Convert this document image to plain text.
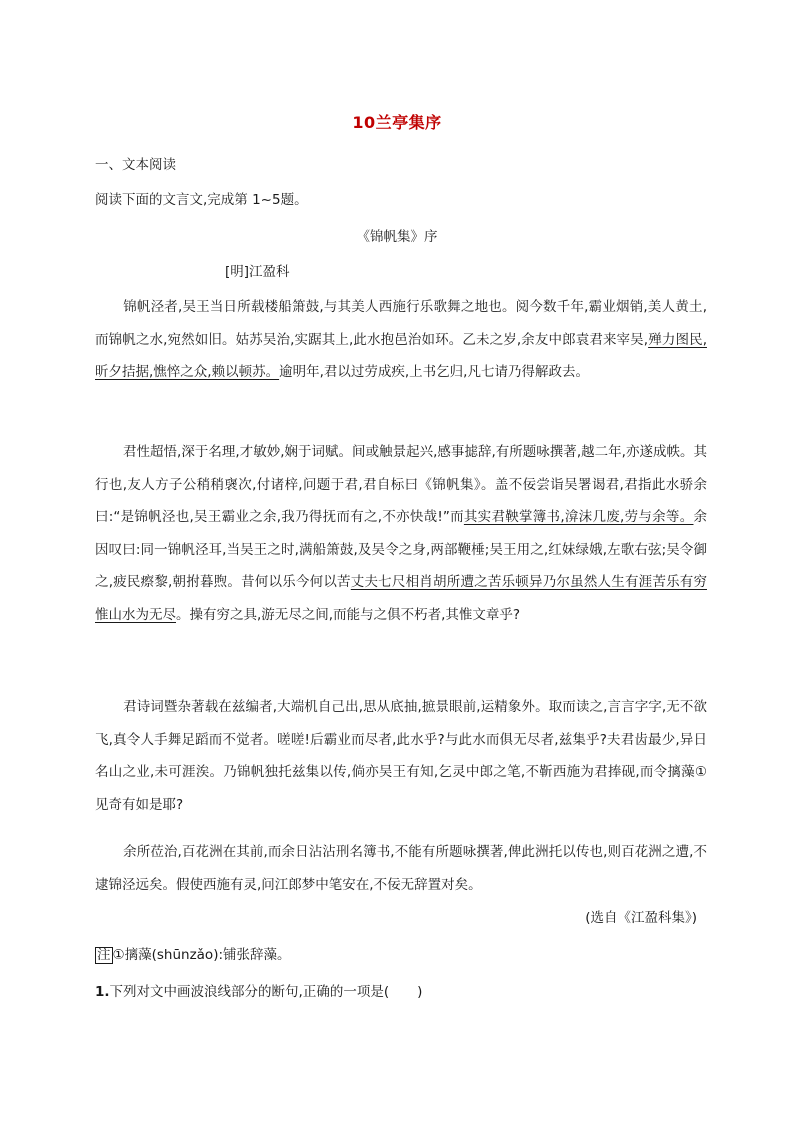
10兰亭集序
一、文本阅读
阅读下面的文言文,完成第 1~5题。
《锦帆集》序
[明]江盈科
锦帆泾者,吴王当日所载楼船箫鼓,与其美人西施行乐歌舞之地也。阅今数千年,霸业烟销,美人黄土,而锦帆之水,宛然如旧。姑苏吴治,实踞其上,此水抱邑治如环。乙未之岁,余友中郎袁君来宰吴,殚力图民,昕夕拮据,憔悴之众,赖以顿苏。逾明年,君以过劳成疾,上书乞归,凡七请乃得解政去。
君性超悟,深于名理,才敏妙,娴于词赋。间或触景起兴,感事摅辞,有所题咏撰著,越二年,亦遂成帙。其行也,友人方子公稍稍襃次,付诸梓,问题于君,君自标曰《锦帆集》。盖不佞尝诣吴署谒君,君指此水骄余曰:“是锦帆泾也,吴王霸业之余,我乃得抚而有之,不亦快哉!”而其实君鞅掌簿书,渰沫几废,劳与余等。余因叹曰:同一锦帆泾耳,当吴王之时,满船箫鼓,及吴令之身,两部鞭棰;吴王用之,红妹绿娥,左歌右弦;吴令御之,疲民瘵黎,朝拊暮煦。昔何以乐今何以苦丈夫七尺相肖胡所遭之苦乐顿异乃尔虽然人生有涯苦乐有穷惟山水为无尽。操有穷之具,游无尽之间,而能与之俱不朽者,其惟文章乎?
君诗词暨杂著载在兹编者,大端机自己出,思从底抽,摭景眼前,运精象外。取而读之,言言字字,无不欲飞,真令人手舞足蹈而不觉者。嗟嗟!后霸业而尽者,此水乎?与此水而俱无尽者,兹集乎?夫君齿最少,异日名山之业,未可涯涘。乃锦帆独托兹集以传,倘亦吴王有知,乞灵中郎之笔,不靳西施为君捧砚,而令摛藻①见奇有如是耶?
余所莅治,百花洲在其前,而余日沾沾刑名簿书,不能有所题咏撰著,俾此洲托以传也,则百花洲之遭,不逮锦泾远矣。假使西施有灵,问江郎梦中笔安在,不佞无辞置对矣。
(选自《江盈科集》)
注 ①摛藻(shūnzǎo):铺张辞藻。
1.下列对文中画波浪线部分的断句,正确的一项是( )
